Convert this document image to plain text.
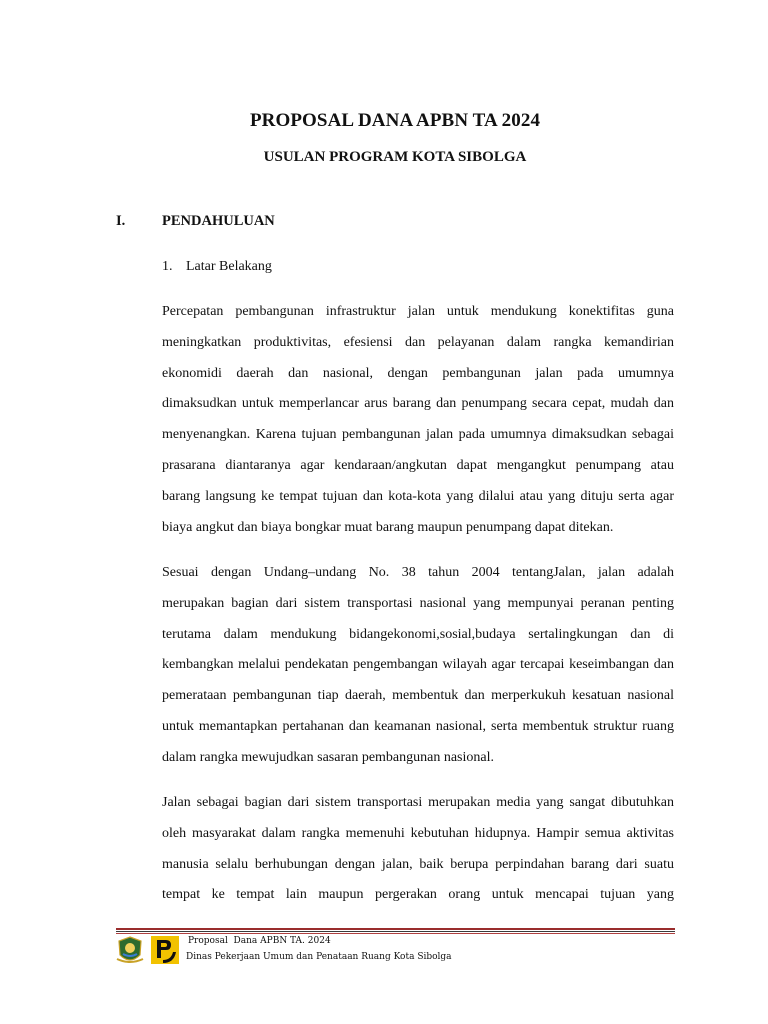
PROPOSAL DANA APBN TA 2024
USULAN PROGRAM KOTA SIBOLGA
I.	PENDAHULUAN
1. Latar Belakang

Percepatan pembangunan infrastruktur jalan untuk mendukung konektifitas guna
meningkatkan produktivitas, efesiensi dan pelayanan dalam rangka kemandirian
ekonomidi daerah dan nasional, dengan pembangunan jalan pada umumnya
dimaksudkan untuk memperlancar arus barang dan penumpang secara cepat, mudah dan
menyenangkan. Karena tujuan pembangunan jalan pada umumnya dimaksudkan sebagai
prasarana diantaranya agar kendaraan/angkutan dapat mengangkut penumpang atau
barang langsung ke tempat tujuan dan kota-kota yang dilalui atau yang dituju serta agar
biaya angkut dan biaya bongkar muat barang maupun penumpang dapat ditekan.

Sesuai dengan Undang–undang No. 38 tahun 2004 tentangJalan, jalan adalah
merupakan bagian dari sistem transportasi nasional yang mempunyai peranan penting
terutama dalam mendukung bidangekonomi,sosial,budaya sertalingkungan dan di
kembangkan melalui pendekatan pengembangan wilayah agar tercapai keseimbangan dan
pemerataan pembangunan tiap daerah, membentuk dan merperkukuh kesatuan nasional
untuk memantapkan pertahanan dan keamanan nasional, serta membentuk struktur ruang
dalam rangka mewujudkan sasaran pembangunan nasional.

Jalan sebagai bagian dari sistem transportasi merupakan media yang sangat dibutuhkan
oleh masyarakat dalam rangka memenuhi kebutuhan hidupnya. Hampir semua aktivitas
manusia selalu berhubungan dengan jalan, baik berupa perpindahan barang dari suatu
tempat ke tempat lain maupun pergerakan orang untuk mencapai tujuan yang

Proposal  Dana APBN TA. 2024
Dinas Pekerjaan Umum dan Penataan Ruang Kota Sibolga
